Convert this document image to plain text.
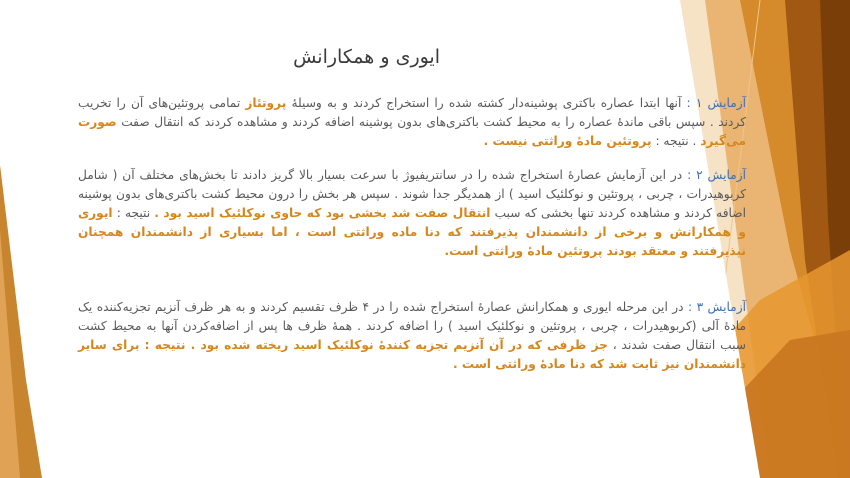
ایوری و همکارانش
آزمایش ۱ : آنها ابتدا عصاره باکتری پوشینه‌دار کشته شده را استخراج کردند و به وسیلهٔ پروتئاز تمامی پروتئین‌های آن را تخریب کردند . سپس باقی ماندهٔ عصاره را به محیط کشت باکتری‌های بدون پوشینه اضافه کردند و مشاهده کردند که انتقال صفت صورت می‌گیرد . نتیجه : پروتئین مادهٔ وراثتی نیست .
آزمایش ۲ : در این آزمایش عصارهٔ استخراج شده را در سانتریفیوژ با سرعت بسیار بالا گریز دادند تا بخش‌های مختلف آن ( شامل کربوهیدرات ، چربی ، پروتئین و نوکلئیک اسید ) از همدیگر جدا شوند . سپس هر بخش را درون محیط کشت باکتری‌های بدون پوشینه اضافه کردند و مشاهده کردند تنها بخشی که سبب انتقال صفت شد بخشی بود که حاوی نوکلئیک اسید بود . نتیجه : ایوری و همکارانش و برخی از دانشمندان پذیرفتند که دنا ماده وراثتی است ، اما بسیاری از دانشمندان همچنان نپذیرفتند و معتقد بودند پروتئین مادهٔ وراثتی است.
آزمایش ۳ : در این مرحله ایوری و همکارانش عصارهٔ استخراج شده را در ۴ ظرف تقسیم کردند و به هر ظرف آنزیم تجزیه‌کننده یک مادهٔ آلی (کربوهیدرات ، چربی ، پروتئین و نوکلئیک اسید ) را اضافه کردند . همهٔ ظرف ها پس از اضافه‌کردن آنها به محیط کشت سبب انتقال صفت شدند ، جز ظرفی که در آن آنزیم تجزیه کنندهٔ نوکلئیک اسید ریخته شده بود . نتیجه : برای سایر دانشمندان نیز ثابت شد که دنا مادهٔ وراثتی است .
